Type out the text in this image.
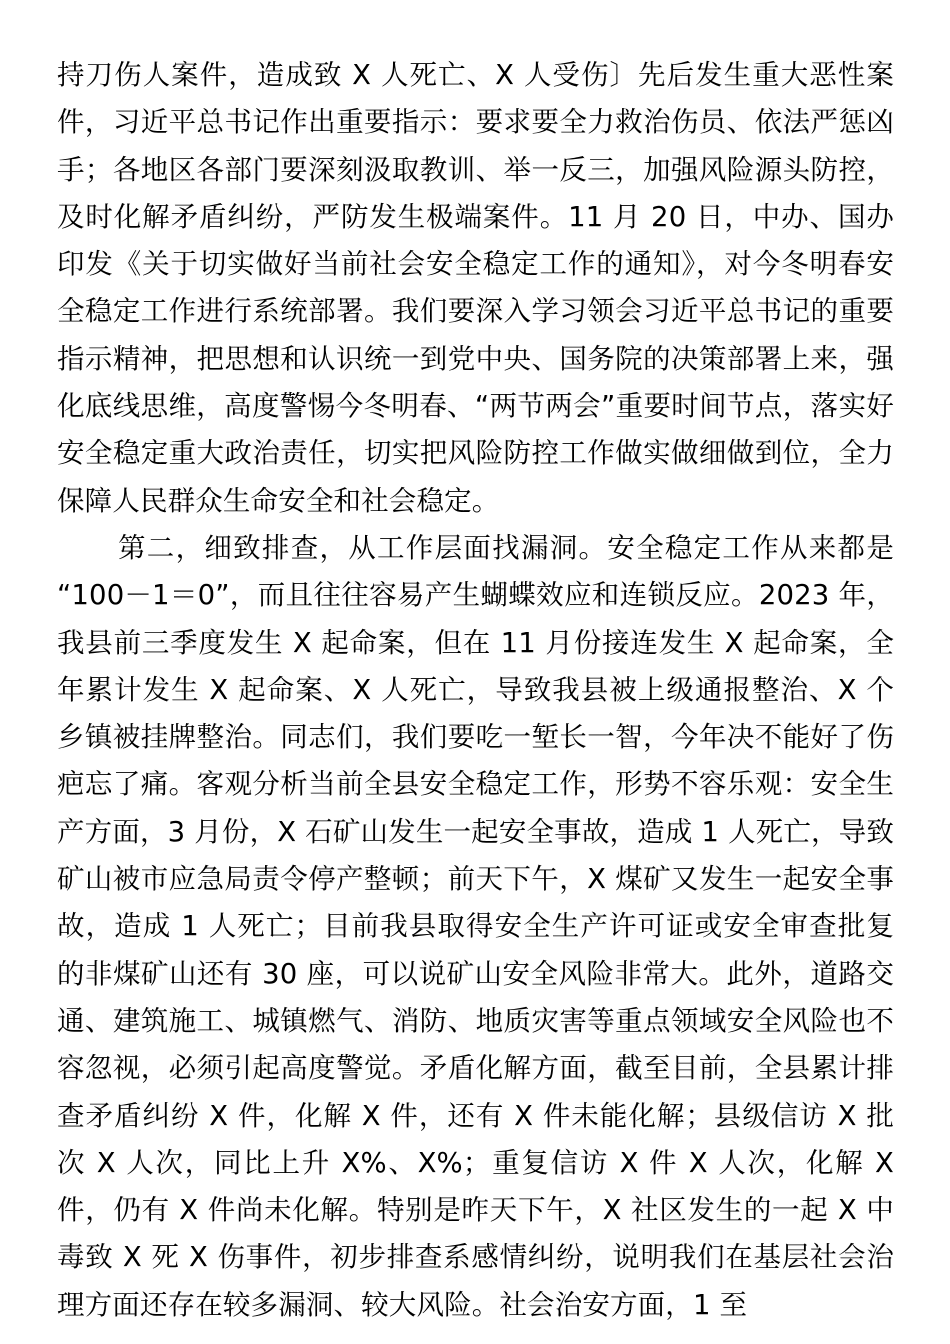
持刀伤人案件，造成致 X 人死亡、X 人受伤〕先后发生重大恶性案件，习近平总书记作出重要指示：要求要全力救治伤员、依法严惩凶手；各地区各部门要深刻汲取教训、举一反三，加强风险源头防控，及时化解矛盾纠纷，严防发生极端案件。11 月 20 日，中办、国办印发《关于切实做好当前社会安全稳定工作的通知》，对今冬明春安全稳定工作进行系统部署。我们要深入学习领会习近平总书记的重要指示精神，把思想和认识统一到党中央、国务院的决策部署上来，强化底线思维，高度警惕今冬明春、“两节两会”重要时间节点，落实好安全稳定重大政治责任，切实把风险防控工作做实做细做到位，全力保障人民群众生命安全和社会稳定。

第二，细致排查，从工作层面找漏洞。安全稳定工作从来都是“100－1＝0”，而且往往容易产生蝴蝶效应和连锁反应。2023 年，我县前三季度发生 X 起命案，但在 11 月份接连发生 X 起命案，全年累计发生 X 起命案、X 人死亡，导致我县被上级通报整治、X 个乡镇被挂牌整治。同志们，我们要吃一堑长一智，今年决不能好了伤疤忘了痛。客观分析当前全县安全稳定工作，形势不容乐观：安全生产方面，3 月份，X 石矿山发生一起安全事故，造成 1 人死亡，导致矿山被市应急局责令停产整顿；前天下午，X 煤矿又发生一起安全事故，造成 1 人死亡；目前我县取得安全生产许可证或安全审查批复的非煤矿山还有 30 座，可以说矿山安全风险非常大。此外，道路交通、建筑施工、城镇燃气、消防、地质灾害等重点领域安全风险也不容忽视，必须引起高度警觉。矛盾化解方面，截至目前，全县累计排查矛盾纠纷 X 件，化解 X 件，还有 X 件未能化解；县级信访 X 批次 X 人次，同比上升 X%、X%；重复信访 X 件 X 人次，化解 X 件，仍有 X 件尚未化解。特别是昨天下午，X 社区发生的一起 X 中毒致 X 死 X 伤事件，初步排查系感情纠纷，说明我们在基层社会治理方面还存在较多漏洞、较大风险。社会治安方面，1 至
